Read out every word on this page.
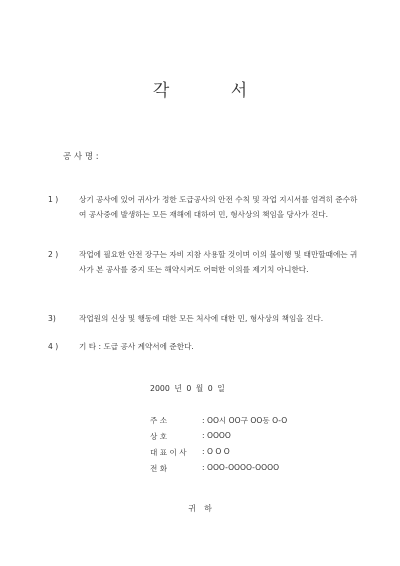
각 서
공 사 명 :
1 )	상기 공사에 있어 귀사가 정한 도급공사의 안전 수칙 및 작업 지시서를 엄격히 준수하여 공사중에 발생하는 모든 재해에 대하여 민, 형사상의 책임을 당사가 진다.
2 )	작업에 필요한 안전 장구는 자비 지참 사용할 것이며 이의 불이행 및 태만할때에는 귀사가 본 공사를 중지 또는 해약시켜도 어떠한 이의를 제기치 아니한다.
3)	작업원의 신상 및 행동에 대한 모든 처사에 대한 민, 형사상의 책임을 진다.
4 )	기 타 : 도급 공사 계약서에 준한다.
2000 년 0 월 0 일
주 소	: OO시 OO구 OO동 O-O
상 호	: OOOO
대 표 이 사	: O O O
전 화	: OOO-OOOO-OOOO
귀 하
